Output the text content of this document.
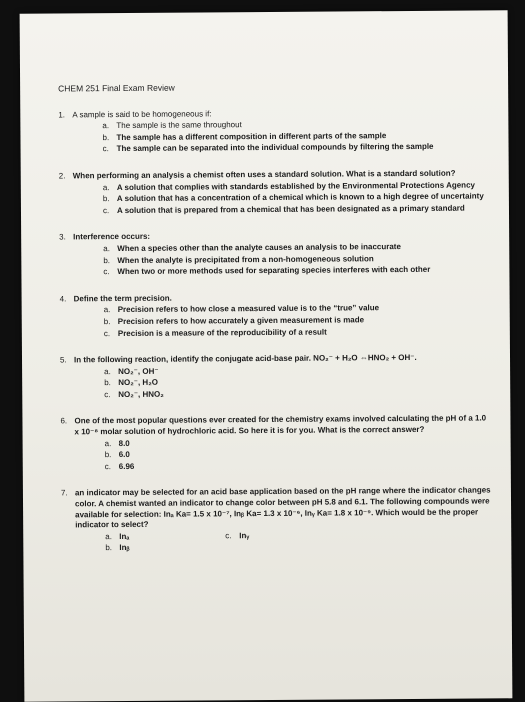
CHEM 251 Final Exam Review
1. A sample is said to be homogeneous if:
a. The sample is the same throughout
b. The sample has a different composition in different parts of the sample
c. The sample can be separated into the individual compounds by filtering the sample
2. When performing an analysis a chemist often uses a standard solution. What is a standard solution?
a. A solution that complies with standards established by the Environmental Protections Agency
b. A solution that has a concentration of a chemical which is known to a high degree of uncertainty
c. A solution that is prepared from a chemical that has been designated as a primary standard
3. Interference occurs:
a. When a species other than the analyte causes an analysis to be inaccurate
b. When the analyte is precipitated from a non-homogeneous solution
c. When two or more methods used for separating species interferes with each other
4. Define the term precision.
a. Precision refers to how close a measured value is to the “true” value
b. Precision refers to how accurately a given measurement is made
c. Precision is a measure of the reproducibility of a result
5. In the following reaction, identify the conjugate acid-base pair. NO₂⁻ + H₂O ⇔HNO₂ + OH⁻.
a. NO₂⁻, OH⁻
b. NO₂⁻, H₂O
c. NO₂⁻, HNO₂
6. One of the most popular questions ever created for the chemistry exams involved calculating the pH of a 1.0 x 10⁻⁸ molar solution of hydrochloric acid. So here it is for you. What is the correct answer?
a. 8.0
b. 6.0
c. 6.96
7. an indicator may be selected for an acid base application based on the pH range where the indicator changes color. A chemist wanted an indicator to change color between pH 5.8 and 6.1. The following compounds were available for selection: Inₐ Ka= 1.5 x 10⁻⁷, Inᵦ Ka= 1.3 x 10⁻⁶, Inᵧ Ka= 1.8 x 10⁻⁹. Which would be the proper indicator to select?
a. Inₐ	c. Inᵧ
b. Inᵦ
